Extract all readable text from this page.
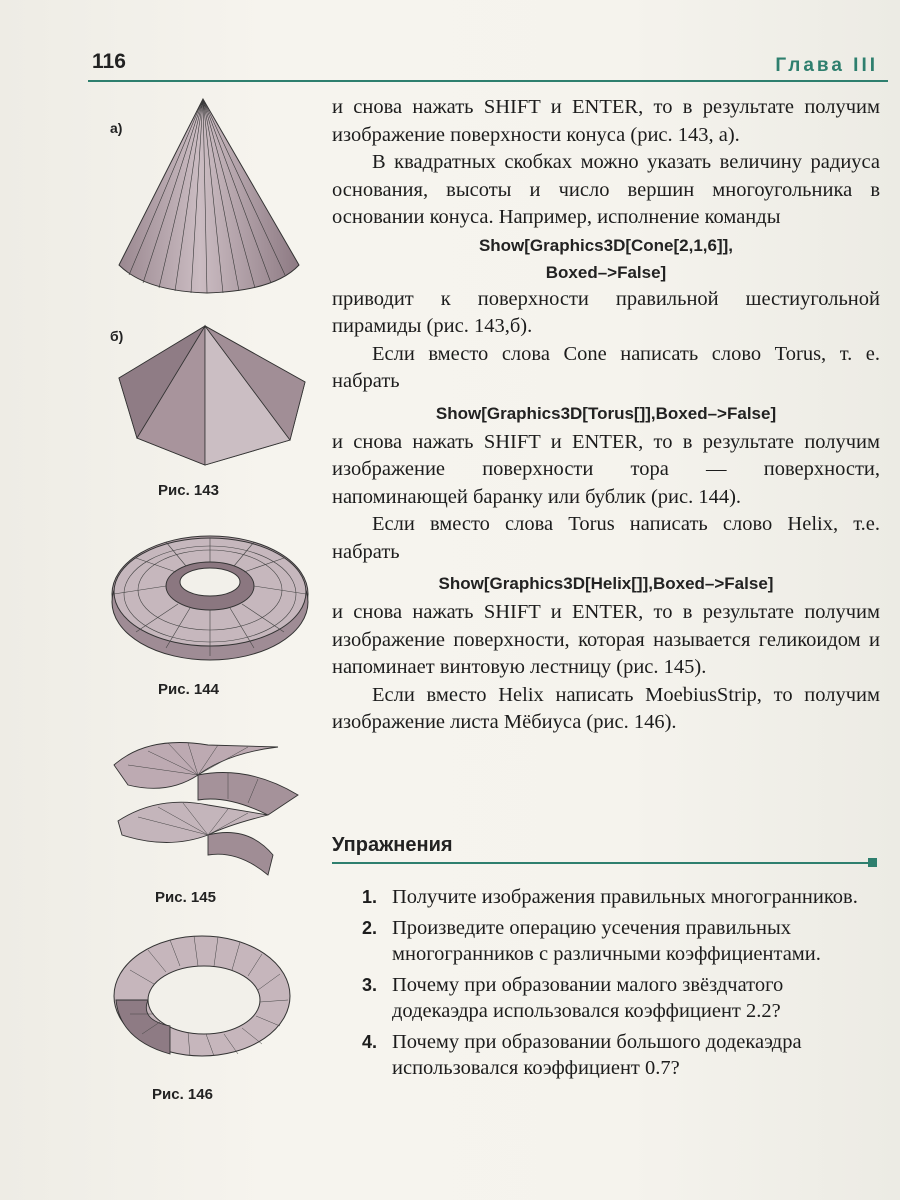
116	Глава III
а)
б)
Рис. 143
Рис. 144
Рис. 145
Рис. 146

и снова нажать SHIFT и ENTER, то в результате получим изображение поверхности конуса (рис. 143, а).

В квадратных скобках можно указать величину радиуса основания, высоты и число вершин многоугольника в основании конуса. Например, исполнение команды

Show[Graphics3D[Cone[2,1,6]],

Boxed–>False]

приводит к поверхности правильной шестиугольной пирамиды (рис. 143,б).

Если вместо слова Cone написать слово Torus, т. е. набрать

Show[Graphics3D[Torus[]],Boxed–>False]

и снова нажать SHIFT и ENTER, то в результате получим изображение поверхности тора — поверхности, напоминающей баранку или бублик (рис. 144).

Если вместо слова Torus написать слово Helix, т.е. набрать

Show[Graphics3D[Helix[]],Boxed–>False]

и снова нажать SHIFT и ENTER, то в результате получим изображение поверхности, которая называется геликоидом и напоминает винтовую лестницу (рис. 145).

Если вместо Helix написать MoebiusStrip, то получим изображение листа Мёбиуса (рис. 146).

Упражнения
1. Получите изображения правильных многогранников.
2. Произведите операцию усечения правильных многогранников с различными коэффициентами.
3. Почему при образовании малого звёздчатого додекаэдра использовался коэффициент 2.2?
4. Почему при образовании большого додекаэдра использовался коэффициент 0.7?
